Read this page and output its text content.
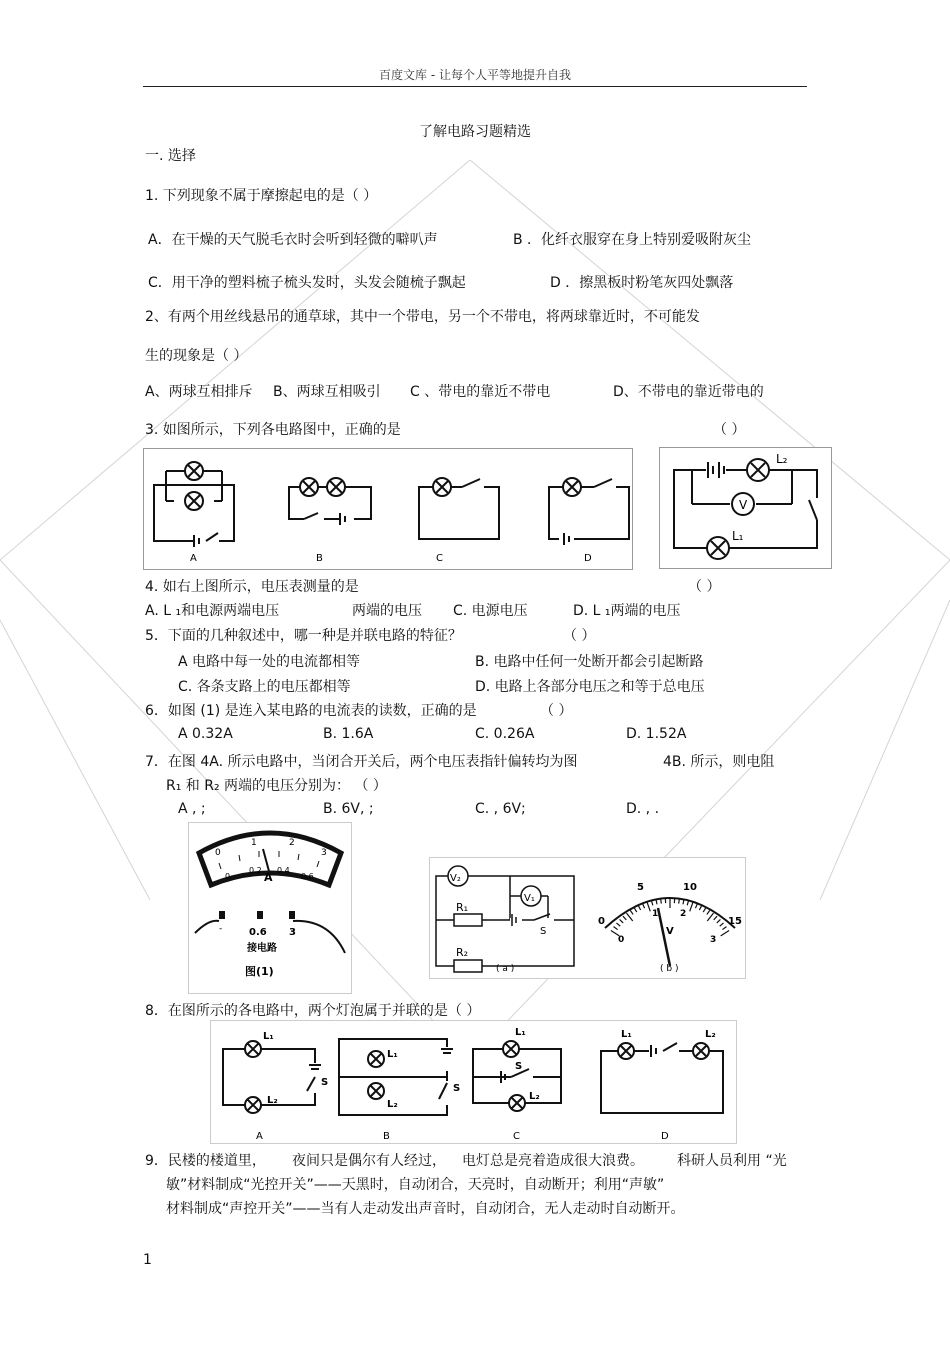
百度文库 - 让每个人平等地提升自我
了解电路习题精选
一. 选择
1. 下列现象不属于摩擦起电的是（ ）
A．在干燥的天气脱毛衣时会听到轻微的噼叭声	B ．化纤衣服穿在身上特别爱吸附灰尘
C．用干净的塑料梳子梳头发时，头发会随梳子飘起	D ．擦黑板时粉笔灰四处飘落
2、有两个用丝线悬吊的通草球，其中一个带电，另一个不带电，将两球靠近时，不可能发
生的现象是（ ）
A、两球互相排斥 B、两球互相吸引 C 、带电的靠近不带电	D、不带电的靠近带电的
3. 如图所示，下列各电路图中，正确的是	（ ）
A	B	C	D
V
L₂
L₁
4. 如右上图所示，电压表测量的是	（ ）
A. L ₁和电源两端电压	两端的电压 C. 电源电压	D. L ₁两端的电压
5．下面的几种叙述中，哪一种是并联电路的特征？	（ ）
A 电路中每一处的电流都相等	B. 电路中任何一处断开都会引起断路
C. 各条支路上的电压都相等	D. 电路上各部分电压之和等于总电压
6．如图 (1) 是连入某电路的电流表的读数，正确的是	（ ）
A 0.32A	B. 1.6A	C. 0.26A	D. 1.52A
7．在图 4A. 所示电路中，当闭合开关后，两个电压表指针偏转均为图	4B. 所示，则电阻
R₁ 和 R₂ 两端的电压分别为： （ ）
A , ;	B. 6V, ;	C. , 6V;	D. , .
0
1	2
3
0
0.2 0.4
0.6
A
-	0.6 3
接电路
图(1)
V₂
V₁
R₁
R₂
S
( a )
0
5	10
15
0
1 2
3
V
( b )
8．在图所示的各电路中，两个灯泡属于并联的是（ ）
L₁
L₂
S
L₁
L₂
S
L₁
S
L₂
L₁	L₂
A	B	C	D
9．民楼的楼道里， 夜间只是偶尔有人经过， 电灯总是亮着造成很大浪费。 科研人员利用 “光
敏”材料制成“光控开关”——天黑时，自动闭合，天亮时，自动断开；利用“声敏”
材料制成“声控开关”——当有人走动发出声音时，自动闭合，无人走动时自动断开。
1
